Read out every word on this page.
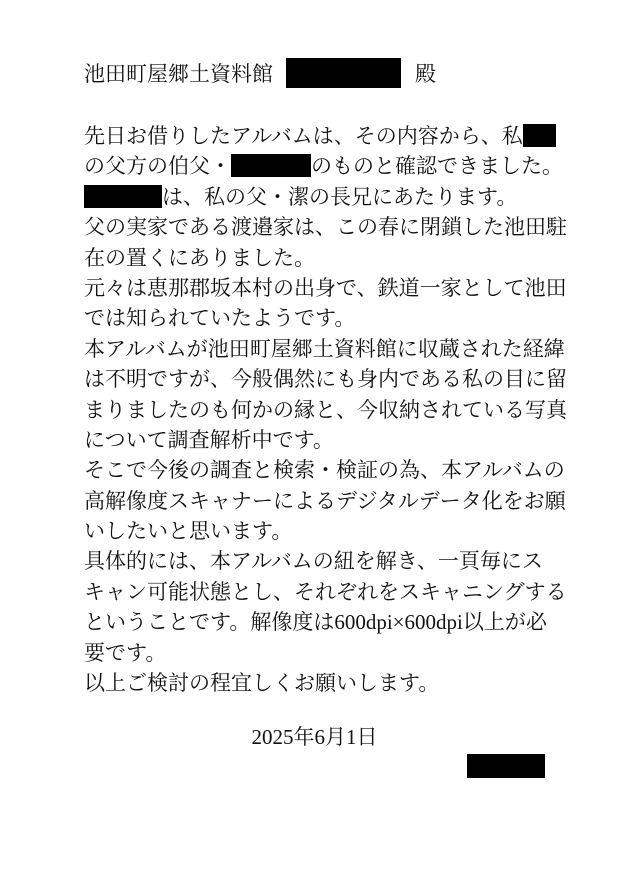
池田町屋郷土資料館	殿
先日お借りしたアルバムは、その内容から、私
の父方の伯父・	のものと確認できました。
は、私の父・潔の長兄にあたります。
父の実家である渡邉家は、この春に閉鎖した池田駐
在の置くにありました。
元々は恵那郡坂本村の出身で、鉄道一家として池田
では知られていたようです。
本アルバムが池田町屋郷土資料館に収蔵された経緯
は不明ですが、今般偶然にも身内である私の目に留
まりましたのも何かの縁と、今収納されている写真
について調査解析中です。
そこで今後の調査と検索・検証の為、本アルバムの
高解像度スキャナーによるデジタルデータ化をお願
いしたいと思います。
具体的には、本アルバムの紐を解き、一頁毎にス
キャン可能状態とし、それぞれをスキャニングする
ということです。解像度は600dpi×600dpi以上が必
要です。
以上ご検討の程宜しくお願いします。
2025年6月1日
